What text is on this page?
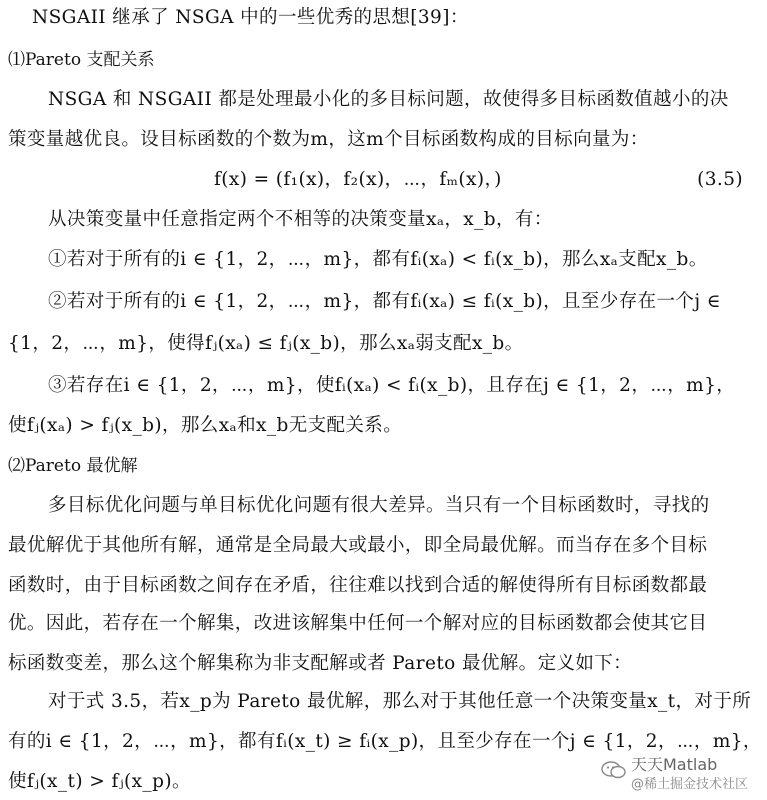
NSGAII 继承了 NSGA 中的一些优秀的思想[39]：
⑴Pareto 支配关系
NSGA 和 NSGAII 都是处理最小化的多目标问题，故使得多目标函数值越小的决
策变量越优良。设目标函数的个数为m，这m个目标函数构成的目标向量为：
f(x) = (f₁(x)，f₂(x)，⋯，fₘ(x)，)	(3.5)
从决策变量中任意指定两个不相等的决策变量xₐ，x_b，有：
①若对于所有的i ∈ {1，2，⋯，m}，都有fᵢ(xₐ) < fᵢ(x_b)，那么xₐ支配x_b。
②若对于所有的i ∈ {1，2，⋯，m}，都有fᵢ(xₐ) ≤ fᵢ(x_b)，且至少存在一个j ∈
{1，2，⋯，m}，使得fⱼ(xₐ) ≤ fⱼ(x_b)，那么xₐ弱支配x_b。
③若存在i ∈ {1，2，⋯，m}，使fᵢ(xₐ) < fᵢ(x_b)，且存在j ∈ {1，2，⋯，m}，
使fⱼ(xₐ) > fⱼ(x_b)，那么xₐ和x_b无支配关系。
⑵Pareto 最优解
多目标优化问题与单目标优化问题有很大差异。当只有一个目标函数时，寻找的
最优解优于其他所有解，通常是全局最大或最小，即全局最优解。而当存在多个目标
函数时，由于目标函数之间存在矛盾，往往难以找到合适的解使得所有目标函数都最
优。因此，若存在一个解集，改进该解集中任何一个解对应的目标函数都会使其它目
标函数变差，那么这个解集称为非支配解或者 Pareto 最优解。定义如下：
对于式 3.5，若x_p为 Pareto 最优解，那么对于其他任意一个决策变量x_t，对于所
有的i ∈ {1，2，⋯，m}，都有fᵢ(x_t) ≥ fᵢ(x_p)，且至少存在一个j ∈ {1，2，⋯，m}，
使fⱼ(x_t) > fⱼ(x_p)。
天天Matlab
@稀土掘金技术社区
